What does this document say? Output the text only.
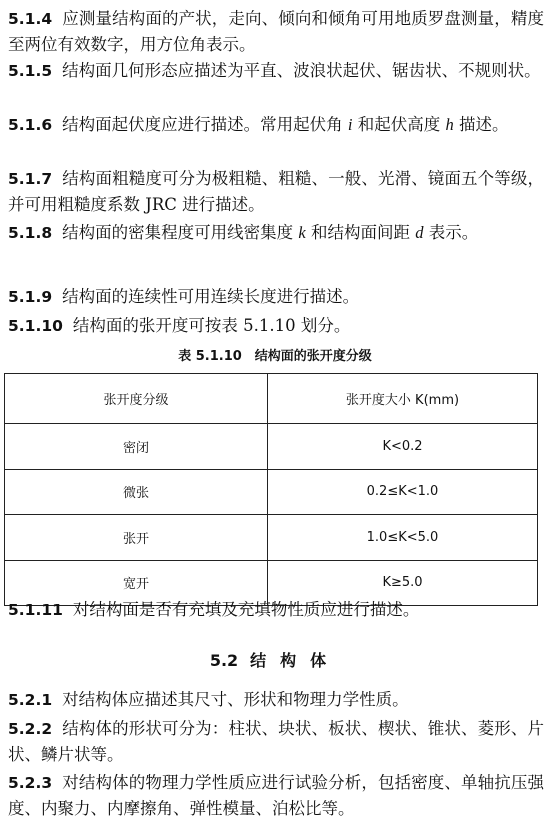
5.1.4 应测量结构面的产状，走向、倾向和倾角可用地质罗盘测量，精度至两位有效数字，用方位角表示。
5.1.5 结构面几何形态应描述为平直、波浪状起伏、锯齿状、不规则状。
5.1.6 结构面起伏度应进行描述。常用起伏角 i 和起伏高度 h 描述。
5.1.7 结构面粗糙度可分为极粗糙、粗糙、一般、光滑、镜面五个等级，并可用粗糙度系数 JRC 进行描述。
5.1.8 结构面的密集程度可用线密集度 k 和结构面间距 d 表示。
5.1.9 结构面的连续性可用连续长度进行描述。
5.1.10 结构面的张开度可按表 5.1.10 划分。
表 5.1.10　结构面的张开度分级
张开度分级	张开度大小 K(mm)
密闭	K<0.2
微张	0.2≤K<1.0
张开	1.0≤K<5.0
宽开	K≥5.0
5.1.11 对结构面是否有充填及充填物性质应进行描述。
5.2 结构体
5.2.1 对结构体应描述其尺寸、形状和物理力学性质。
5.2.2 结构体的形状可分为：柱状、块状、板状、楔状、锥状、菱形、片状、鳞片状等。
5.2.3 对结构体的物理力学性质应进行试验分析，包括密度、单轴抗压强度、内聚力、内摩擦角、弹性模量、泊松比等。
